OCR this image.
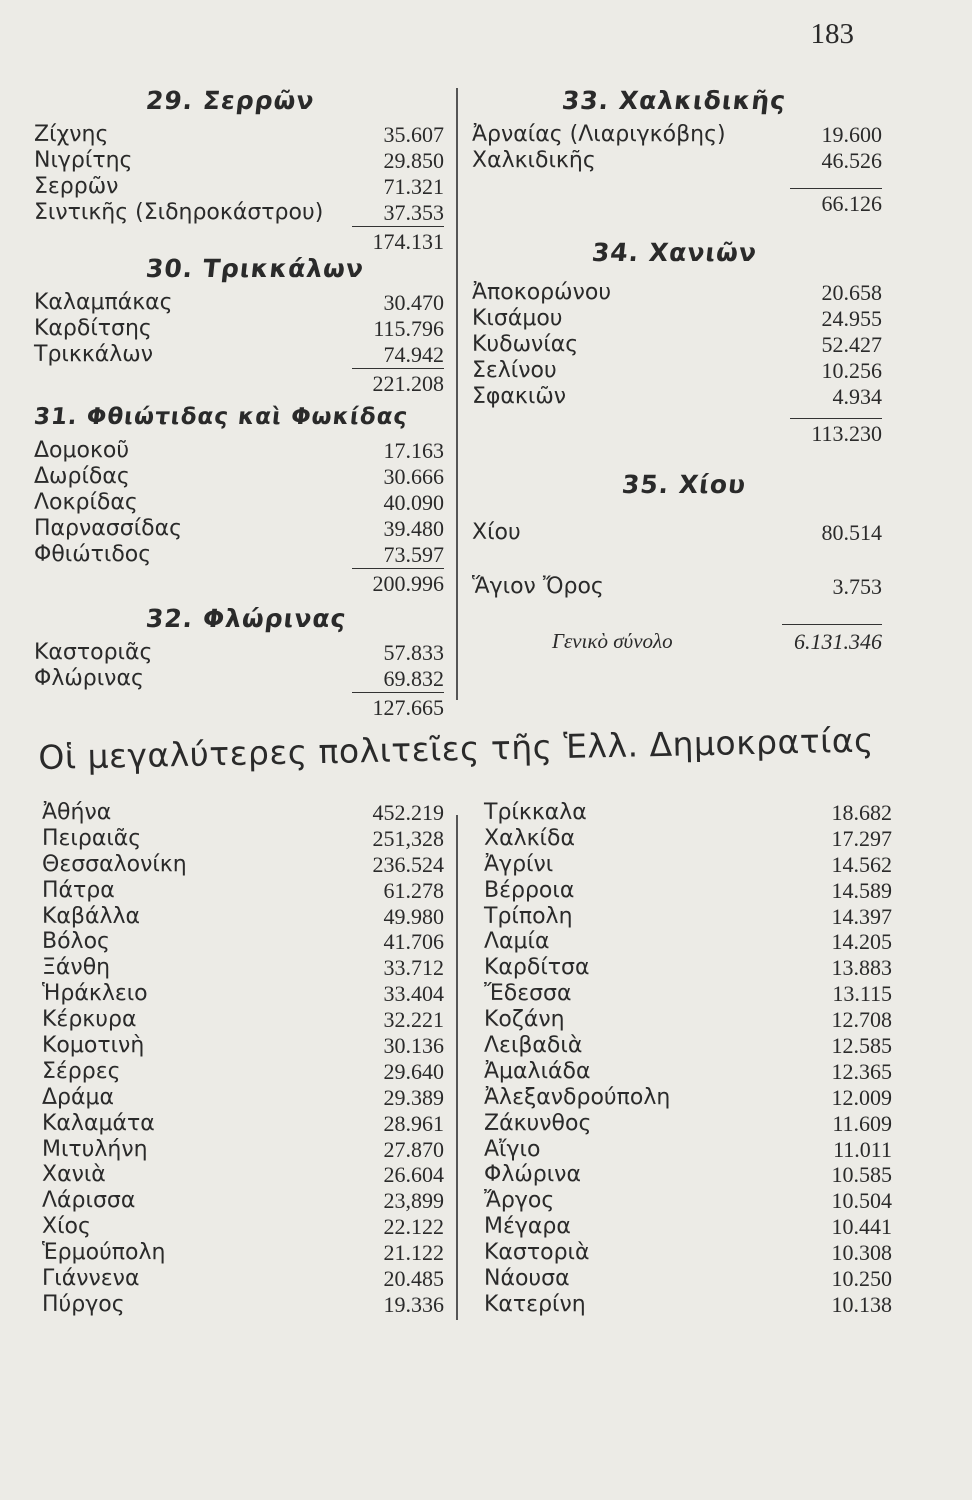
183
29. Σερρῶν
Ζίχνης	35.607
Νιγρίτης	29.850
Σερρῶν	71.321
Σιντικῆς (Σιδηροκάστρου)	37.353
174.131
30. Τρικκάλων
Καλαμπάκας	30.470
Καρδίτσης	115.796
Τρικκάλων	74.942
221.208
31. Φθιώτιδας καὶ Φωκίδας
Δομοκοῦ	17.163
Δωρίδας	30.666
Λοκρίδας	40.090
Παρνασσίδας	39.480
Φθιώτιδος	73.597
200.996
32. Φλώρινας
Καστοριᾶς	57.833
Φλώρινας	69.832
127.665
33. Χαλκιδικῆς
Ἀρναίας (Λιαριγκόβης)	19.600
Χαλκιδικῆς	46.526
66.126
34. Χανιῶν
Ἀποκορώνου	20.658
Κισάμου	24.955
Κυδωνίας	52.427
Σελίνου	10.256
Σφακιῶν	4.934
113.230
35. Χίου
Χίου	80.514
Ἅγιον Ὄρος	3.753
Γενικὸ σύνολο	6.131.346
Οἱ μεγαλύτερες πολιτεῖες τῆς Ἑλλ. Δημοκρατίας
Ἀθήνα	452.219
Πειραιᾶς	251,328
Θεσσαλονίκη	236.524
Πάτρα	61.278
Καβάλλα	49.980
Βόλος	41.706
Ξάνθη	33.712
Ἡράκλειο	33.404
Κέρκυρα	32.221
Κομοτινὴ	30.136
Σέρρες	29.640
Δράμα	29.389
Καλαμάτα	28.961
Μιτυλήνη	27.870
Χανιὰ	26.604
Λάρισσα	23,899
Χίος	22.122
Ἑρμούπολη	21.122
Γιάννενα	20.485
Πύργος	19.336
Τρίκκαλα	18.682
Χαλκίδα	17.297
Ἀγρίνι	14.562
Βέρροια	14.589
Τρίπολη	14.397
Λαμία	14.205
Καρδίτσα	13.883
Ἔδεσσα	13.115
Κοζάνη	12.708
Λειβαδιὰ	12.585
Ἀμαλιάδα	12.365
Ἀλεξανδρούπολη	12.009
Ζάκυνθος	11.609
Αἴγιο	11.011
Φλώρινα	10.585
Ἄργος	10.504
Μέγαρα	10.441
Καστοριὰ	10.308
Νάουσα	10.250
Κατερίνη	10.138
